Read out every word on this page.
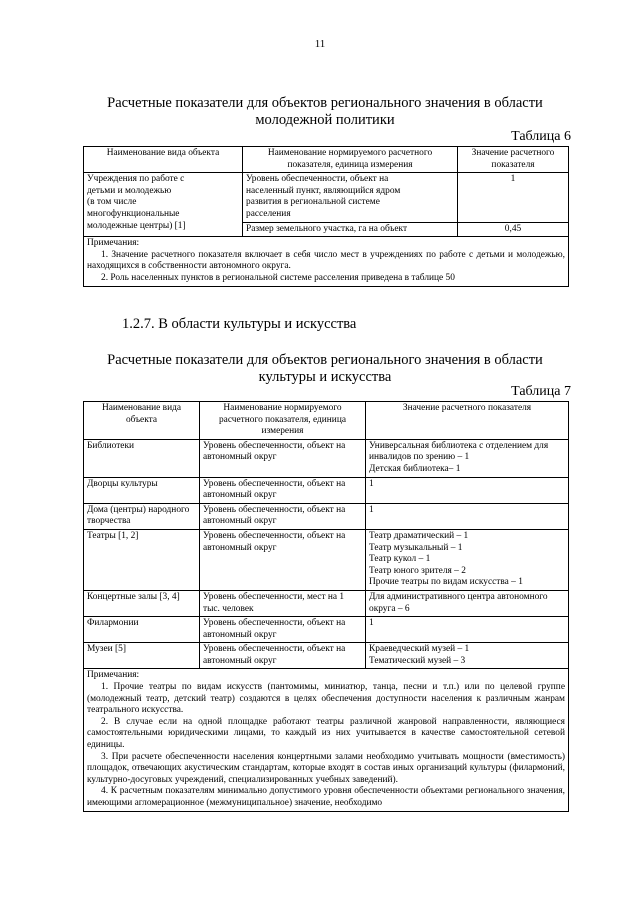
11
Расчетные показатели для объектов регионального значения в области
молодежной политики
Таблица 6
Наименование вида объекта	Наименование нормируемого расчетного показателя, единица измерения	Значение расчетного показателя

Учреждения по работе с
детьми и молодежью
(в том числе
многофункциональные
молодежные центры) [1]	Уровень обеспеченности, объект на
населенный пункт, являющийся ядром
развития в региональной системе
расселения	1
	Размер земельного участка, га на объект	0,45

Примечания:
1. Значение расчетного показателя включает в себя число мест в учреждениях по работе с детьми и молодежью, находящихся в собственности автономного округа.
2. Роль населенных пунктов в региональной системе расселения приведена в таблице 50		
1.2.7. В области культуры и искусства
Расчетные показатели для объектов регионального значения в области
культуры и искусства
Таблица 7
Наименование вида объекта	Наименование нормируемого расчетного показателя, единица измерения	Значение расчетного показателя
Библиотеки	Уровень обеспеченности, объект на автономный округ	Универсальная библиотека с отделением для инвалидов по зрению – 1
Детская библиотека– 1

Дворцы культуры	Уровень обеспеченности, объект на автономный округ	1
Дома (центры) народного творчества	Уровень обеспеченности, объект на автономный округ	1
Театры [1, 2]	Уровень обеспеченности, объект на автономный округ	Театр драматический – 1
Театр музыкальный – 1
Театр кукол – 1
Театр юного зрителя – 2
Прочие театры по видам искусства – 1

Концертные залы [3, 4]	Уровень обеспеченности, мест на 1 тыс. человек	Для административного центра автономного округа – 6
Филармонии	Уровень обеспеченности, объект на автономный округ	1
Музеи [5]	Уровень обеспеченности, объект на автономный округ	Краеведческий музей – 1
Тематический музей – 3

Примечания:
1. Прочие театры по видам искусств (пантомимы, миниатюр, танца, песни и т.п.) или по целевой группе (молодежный театр, детский театр) создаются в целях обеспечения доступности населения к различным жанрам театрального искусства.
2. В случае если на одной площадке работают театры различной жанровой направленности, являющиеся самостоятельными юридическими лицами, то каждый из них учитывается в качестве самостоятельной сетевой единицы.
3. При расчете обеспеченности населения концертными залами необходимо учитывать мощности (вместимость) площадок, отвечающих акустическим стандартам, которые входят в состав иных организаций культуры (филармоний, культурно-досуговых учреждений, специализированных учебных заведений).
4. К расчетным показателям минимально допустимого уровня обеспеченности объектами регионального значения, имеющими агломерационное (межмуниципальное) значение, необходимо		
